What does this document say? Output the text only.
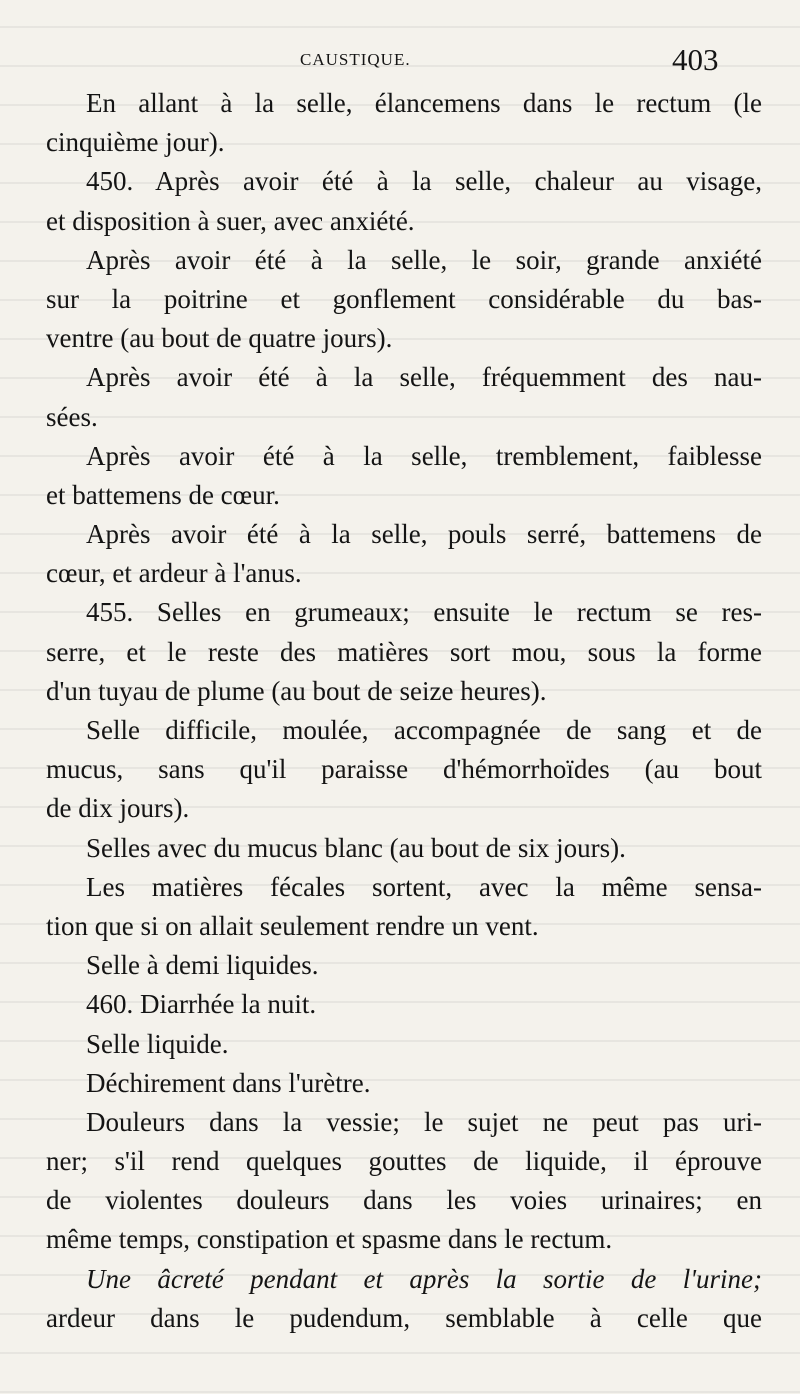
CAUSTIQUE.	403
En allant à la selle, élancemens dans le rectum (le
cinquième jour).
450. Après avoir été à la selle, chaleur au visage,
et disposition à suer, avec anxiété.
Après avoir été à la selle, le soir, grande anxiété
sur la poitrine et gonflement considérable du bas-
ventre (au bout de quatre jours).
Après avoir été à la selle, fréquemment des nau-
sées.
Après avoir été à la selle, tremblement, faiblesse
et battemens de cœur.
Après avoir été à la selle, pouls serré, battemens de
cœur, et ardeur à l'anus.
455. Selles en grumeaux; ensuite le rectum se res-
serre, et le reste des matières sort mou, sous la forme
d'un tuyau de plume (au bout de seize heures).
Selle difficile, moulée, accompagnée de sang et de
mucus, sans qu'il paraisse d'hémorrhoïdes (au bout
de dix jours).
Selles avec du mucus blanc (au bout de six jours).
Les matières fécales sortent, avec la même sensa-
tion que si on allait seulement rendre un vent.
Selle à demi liquides.
460. Diarrhée la nuit.
Selle liquide.
Déchirement dans l'urètre.
Douleurs dans la vessie; le sujet ne peut pas uri-
ner; s'il rend quelques gouttes de liquide, il éprouve
de violentes douleurs dans les voies urinaires; en
même temps, constipation et spasme dans le rectum.
Une âcreté pendant et après la sortie de l'urine;
ardeur dans le pudendum, semblable à celle que
